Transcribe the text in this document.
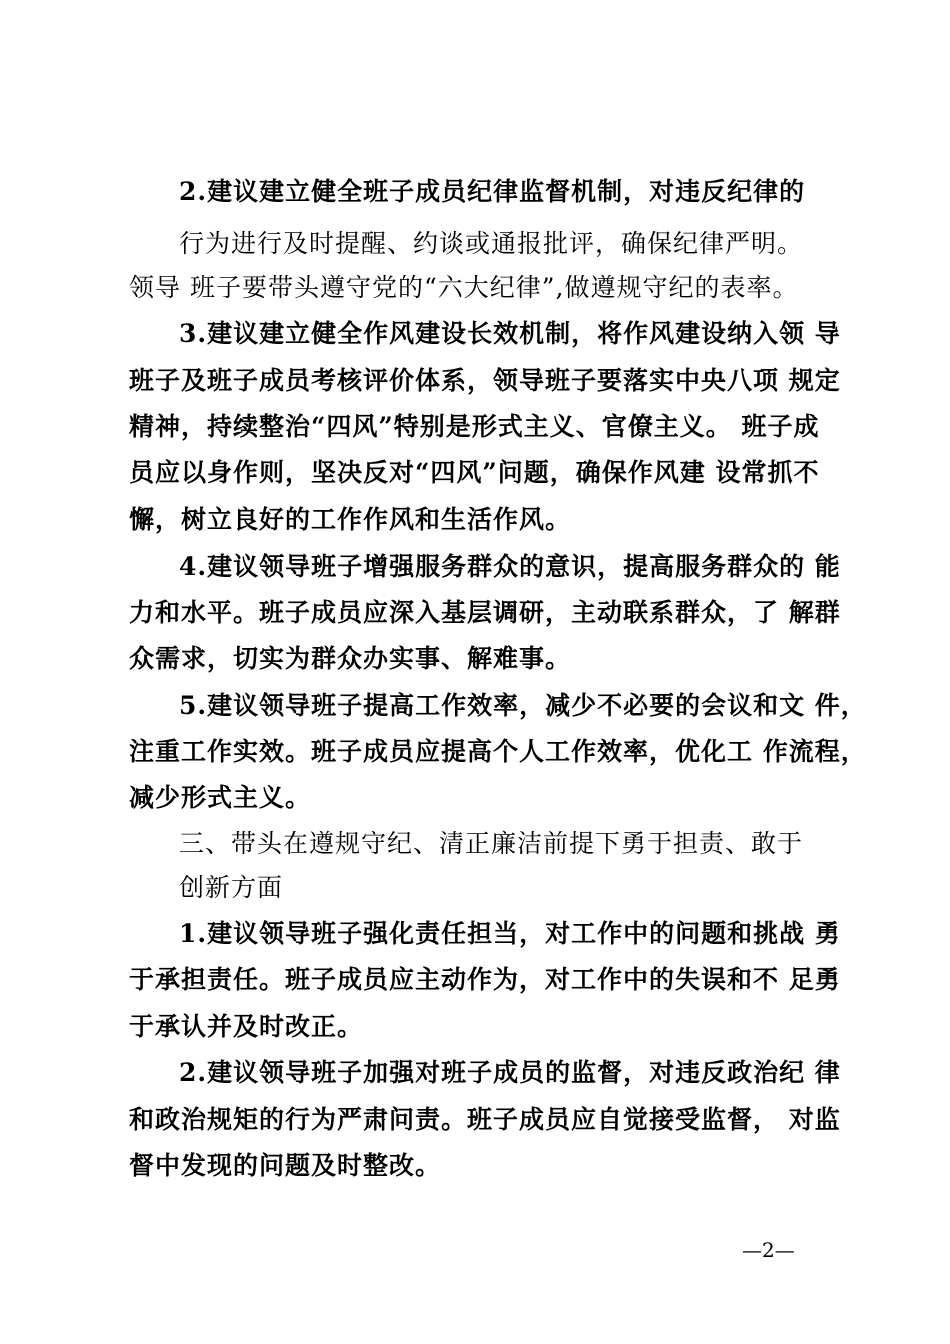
2.建议建立健全班子成员纪律监督机制，对违反纪律的
行为进行及时提醒、约谈或通报批评，确保纪律严明。
领导 班子要带头遵守党的“六大纪律”,做遵规守纪的表率。
3.建议建立健全作风建设长效机制，将作风建设纳入领 导
班子及班子成员考核评价体系，领导班子要落实中央八项 规定
精神，持续整治“四风”特别是形式主义、官僚主义。 班子成
员应以身作则，坚决反对“四风”问题，确保作风建 设常抓不
懈，树立良好的工作作风和生活作风。
4.建议领导班子增强服务群众的意识，提高服务群众的 能
力和水平。班子成员应深入基层调研，主动联系群众，了 解群
众需求，切实为群众办实事、解难事。
5.建议领导班子提高工作效率，减少不必要的会议和文 件，
注重工作实效。班子成员应提高个人工作效率，优化工 作流程，
减少形式主义。
三、带头在遵规守纪、清正廉洁前提下勇于担责、敢于
创新方面
1.建议领导班子强化责任担当，对工作中的问题和挑战 勇
于承担责任。班子成员应主动作为，对工作中的失误和不 足勇
于承认并及时改正。
2.建议领导班子加强对班子成员的监督，对违反政治纪 律
和政治规矩的行为严肃问责。班子成员应自觉接受监督， 对监
督中发现的问题及时整改。
—2—
